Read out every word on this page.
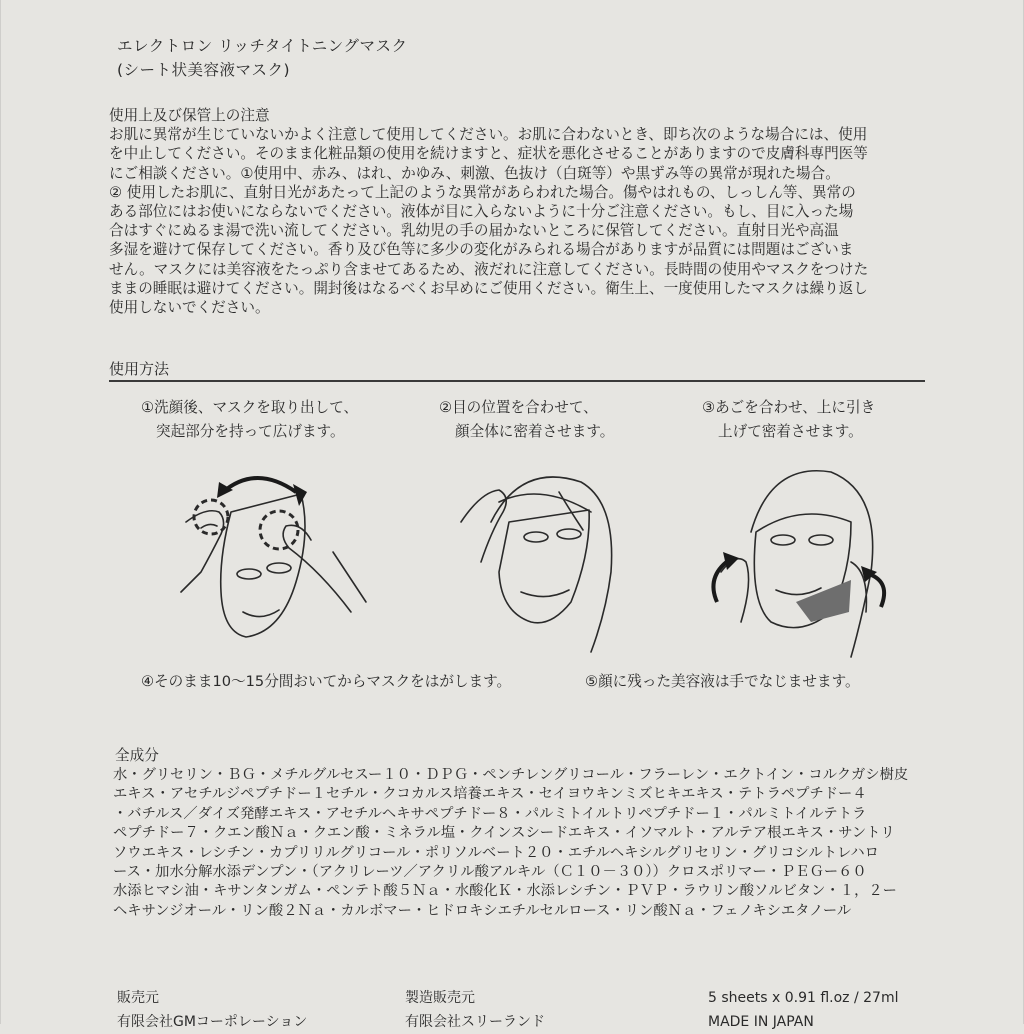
エレクトロン リッチタイトニングマスク
(シート状美容液マスク)

使用上及び保管上の注意

お肌に異常が生じていないかよく注意して使用してください。お肌に合わないとき、即ち次のような場合には、使用

を中止してください。そのまま化粧品類の使用を続けますと、症状を悪化させることがありますので皮膚科専門医等

にご相談ください。①使用中、赤み、はれ、かゆみ、刺激、色抜け（白斑等）や黒ずみ等の異常が現れた場合。

② 使用したお肌に、直射日光があたって上記のような異常があらわれた場合。傷やはれもの、しっしん等、異常の

ある部位にはお使いにならないでください。液体が目に入らないように十分ご注意ください。もし、目に入った場

合はすぐにぬるま湯で洗い流してください。乳幼児の手の届かないところに保管してください。直射日光や高温

多湿を避けて保存してください。香り及び色等に多少の変化がみられる場合がありますが品質には問題はございま

せん。マスクには美容液をたっぷり含ませてあるため、液だれに注意してください。長時間の使用やマスクをつけた

ままの睡眠は避けてください。開封後はなるべくお早めにご使用ください。衛生上、一度使用したマスクは繰り返し

使用しないでください。

使用方法
①洗顔後、マスクを取り出して、
突起部分を持って広げます。
②目の位置を合わせて、
顔全体に密着させます。
③あごを合わせ、上に引き
上げて密着させます。
④そのまま10～15分間おいてからマスクをはがします。	⑤顔に残った美容液は手でなじませます。
全成分

水・グリセリン・ＢＧ・メチルグルセスー１０・ＤＰＧ・ペンチレングリコール・フラーレン・エクトイン・コルクガシ樹皮

エキス・アセチルジペプチドー１セチル・クコカルス培養エキス・セイヨウキンミズヒキエキス・テトラペプチドー４

・バチルス／ダイズ発酵エキス・アセチルヘキサペプチドー８・パルミトイルトリペプチドー１・パルミトイルテトラ

ペプチドー７・クエン酸Ｎａ・クエン酸・ミネラル塩・クインスシードエキス・イソマルト・アルテア根エキス・サントリ

ソウエキス・レシチン・カプリリルグリコール・ポリソルベート２０・エチルヘキシルグリセリン・グリコシルトレハロ

ース・加水分解水添デンプン・（アクリレーツ／アクリル酸アルキル（Ｃ１０－３０））クロスポリマー・ＰＥＧー６０

水添ヒマシ油・キサンタンガム・ペンテト酸５Ｎａ・水酸化Ｋ・水添レシチン・ＰＶＰ・ラウリン酸ソルビタン・１，２ー

ヘキサンジオール・リン酸２Ｎａ・カルボマー・ヒドロキシエチルセルロース・リン酸Ｎａ・フェノキシエタノール

販売元
有限会社GMコーポレーション
製造販売元
有限会社スリーランド
5 sheets x 0.91 fl.oz / 27ml
MADE IN JAPAN
